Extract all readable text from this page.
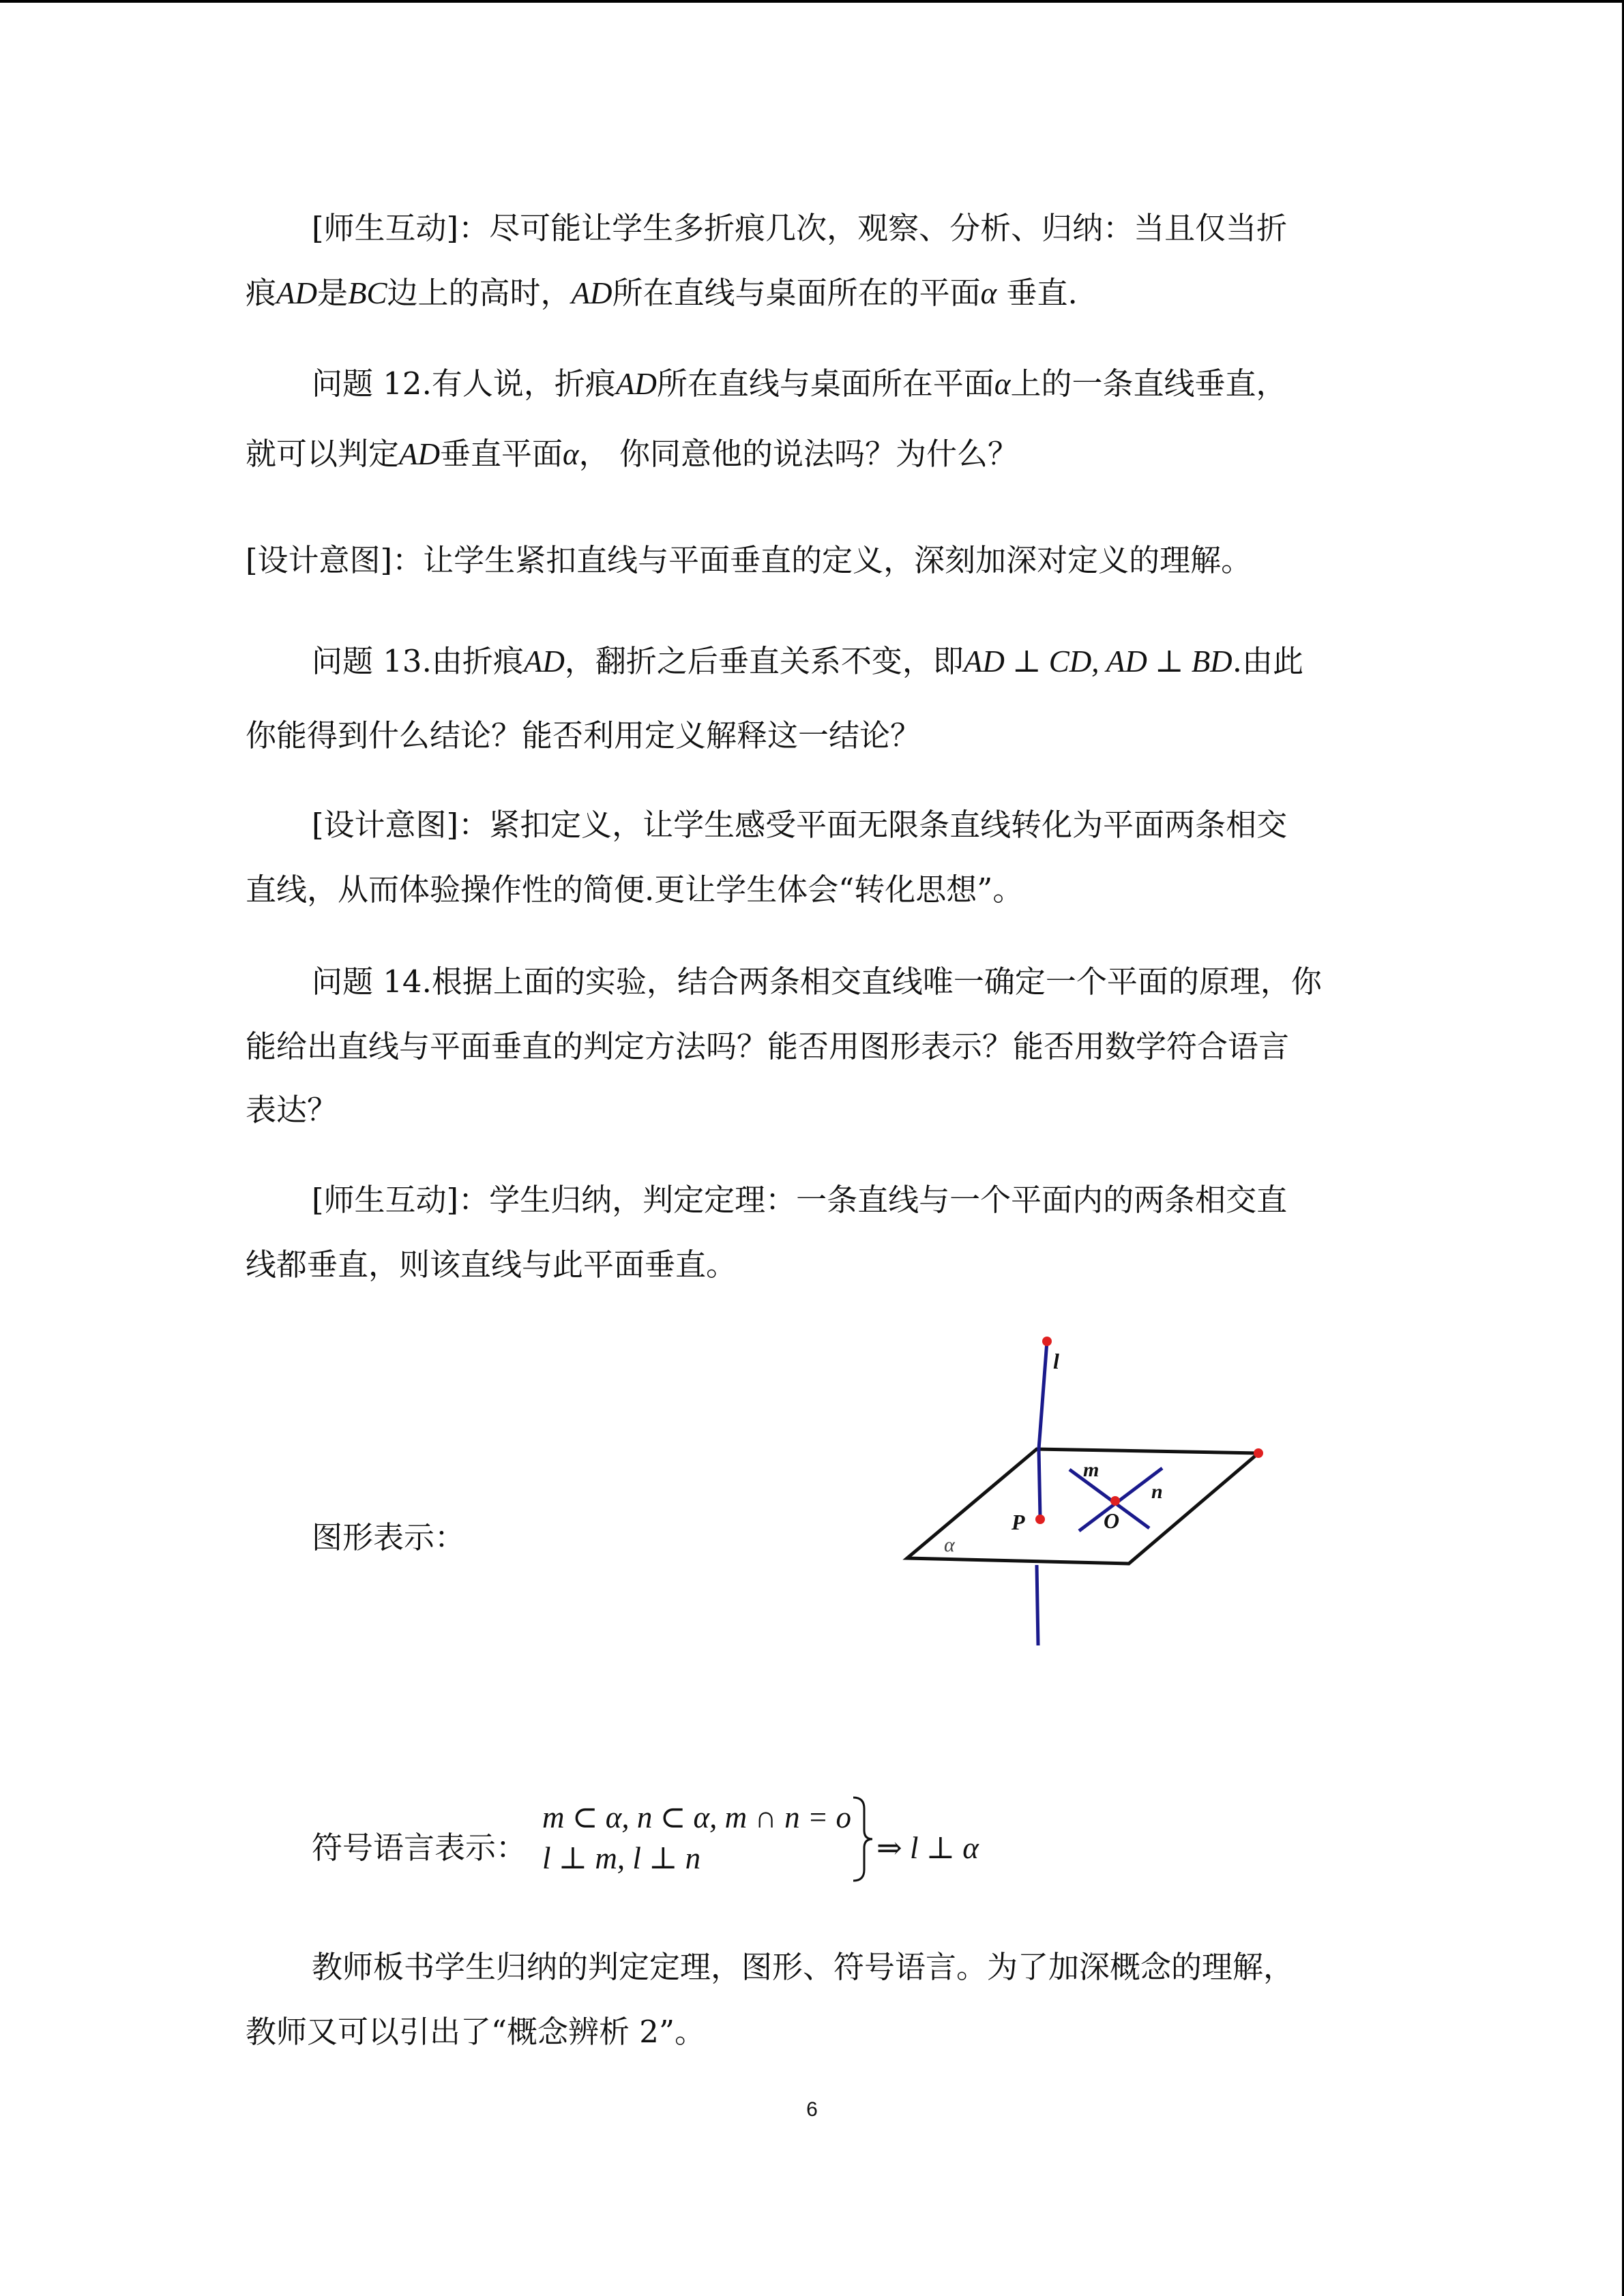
[师生互动]：尽可能让学生多折痕几次，观察、分析、归纳：当且仅当折
痕AD是BC边上的高时，AD所在直线与桌面所在的平面α 垂直.
问题 12.有人说，折痕AD所在直线与桌面所在平面α上的一条直线垂直，
就可以判定AD垂直平面α， 你同意他的说法吗？为什么？
[设计意图]：让学生紧扣直线与平面垂直的定义，深刻加深对定义的理解。
问题 13.由折痕AD，翻折之后垂直关系不变，即AD ⊥ CD, AD ⊥ BD.由此
你能得到什么结论？能否利用定义解释这一结论？
[设计意图]：紧扣定义，让学生感受平面无限条直线转化为平面两条相交
直线，从而体验操作性的简便.更让学生体会“转化思想”。
问题 14.根据上面的实验，结合两条相交直线唯一确定一个平面的原理，你
能给出直线与平面垂直的判定方法吗？能否用图形表示？能否用数学符合语言
表达？
[师生互动]：学生归纳，判定定理：一条直线与一个平面内的两条相交直
线都垂直，则该直线与此平面垂直。
图形表示：
l
m
n
P	O
α
符号语言表示：
m ⊂ α, n ⊂ α, m ∩ n = o
l ⊥ m, l ⊥ n	⇒ l ⊥ α
教师板书学生归纳的判定定理，图形、符号语言。为了加深概念的理解，
教师又可以引出了“概念辨析 2”。
6
